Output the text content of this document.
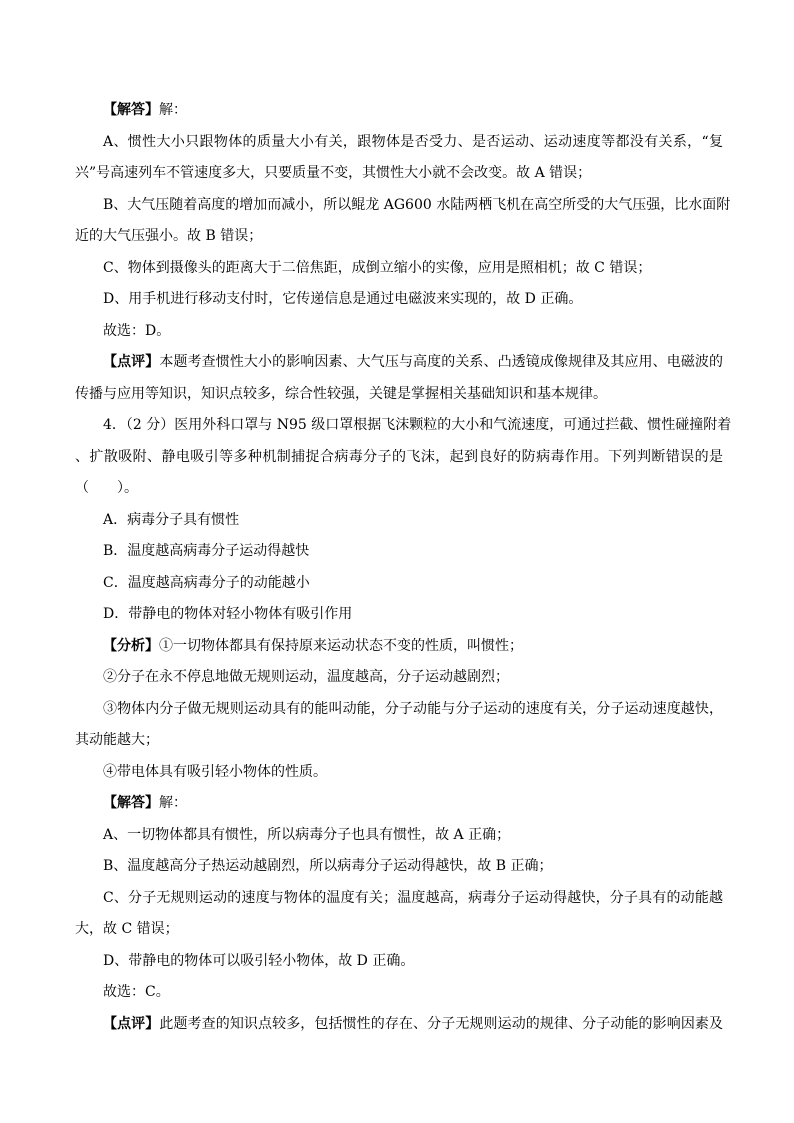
【解答】解：
A、惯性大小只跟物体的质量大小有关，跟物体是否受力、是否运动、运动速度等都没有关系，“复
兴”号高速列车不管速度多大，只要质量不变，其惯性大小就不会改变。故 A 错误；
B、大气压随着高度的增加而减小，所以鲲龙 AG600 水陆两栖飞机在高空所受的大气压强，比水面附
近的大气压强小。故 B 错误；
C、物体到摄像头的距离大于二倍焦距，成倒立缩小的实像，应用是照相机；故 C 错误；
D、用手机进行移动支付时，它传递信息是通过电磁波来实现的，故 D 正确。
故选：D。
【点评】本题考查惯性大小的影响因素、大气压与高度的关系、凸透镜成像规律及其应用、电磁波的
传播与应用等知识，知识点较多，综合性较强，关键是掌握相关基础知识和基本规律。
4．（2 分）医用外科口罩与 N95 级口罩根据飞沫颗粒的大小和气流速度，可通过拦截、惯性碰撞附着
、扩散吸附、静电吸引等多种机制捕捉合病毒分子的飞沫，起到良好的防病毒作用。下列判断错误的是
（　　）。
A．病毒分子具有惯性
B．温度越高病毒分子运动得越快
C．温度越高病毒分子的动能越小
D．带静电的物体对轻小物体有吸引作用
【分析】①一切物体都具有保持原来运动状态不变的性质，叫惯性；
②分子在永不停息地做无规则运动，温度越高，分子运动越剧烈；
③物体内分子做无规则运动具有的能叫动能，分子动能与分子运动的速度有关，分子运动速度越快，
其动能越大；
④带电体具有吸引轻小物体的性质。
【解答】解：
A、一切物体都具有惯性，所以病毒分子也具有惯性，故 A 正确；
B、温度越高分子热运动越剧烈，所以病毒分子运动得越快，故 B 正确；
C、分子无规则运动的速度与物体的温度有关；温度越高，病毒分子运动得越快，分子具有的动能越
大，故 C 错误；
D、带静电的物体可以吸引轻小物体，故 D 正确。
故选：C。
【点评】此题考查的知识点较多，包括惯性的存在、分子无规则运动的规律、分子动能的影响因素及
